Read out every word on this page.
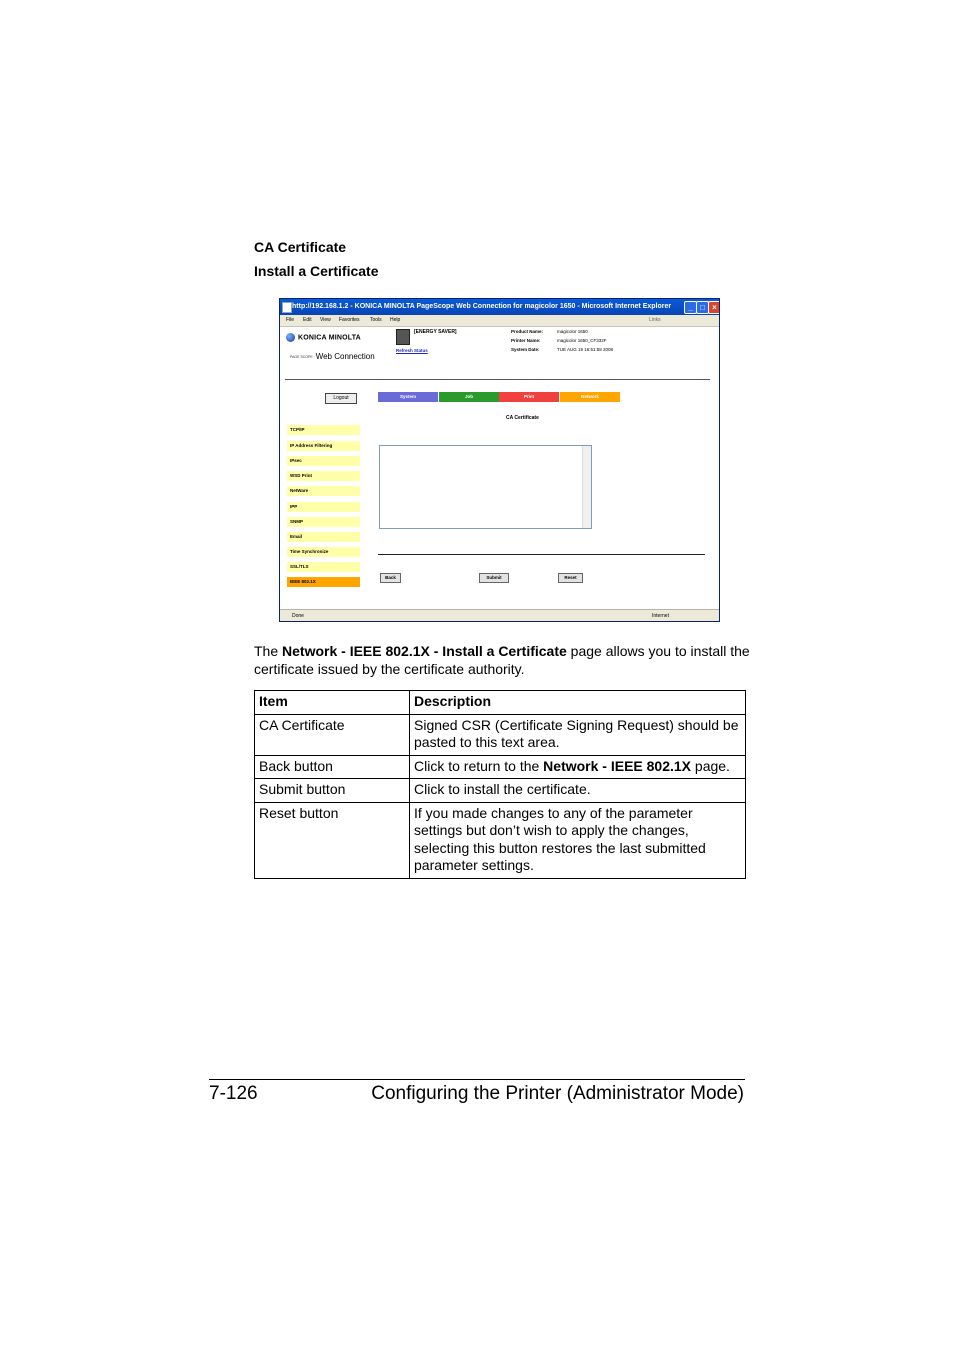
CA Certificate
Install a Certificate
http://192.168.1.2 - KONICA MINOLTA PageScope Web Connection for magicolor 1650 - Microsoft Internet Explorer	_ □ ×
File Edit View Favorites Tools Help	Links
KONICA MINOLTA
PAGE SCOPE Web Connection
[ENERGY SAVER]
Refresh Status
Product Name:	magicolor 1650
Printer Name:	magicolor 1650_CF332F
System Date:	TUE AUG 19 16:51:58 2008
Logout	System	Job	Print	Network
CA Certificate
TCP/IP
IP Address Filtering
IPsec
WSD Print
NetWare
IPP
SNMP
Email
Time Synchronize
SSL/TLS
IEEE 802.1X
Back	Submit	Reset
Done	Internet
The Network - IEEE 802.1X - Install a Certificate page allows you to install the certificate issued by the certificate authority.
Item	Description
CA Certificate	Signed CSR (Certificate Signing Request) should be pasted to this text area.
Back button	Click to return to the Network - IEEE 802.1X page.
Submit button	Click to install the certificate.
Reset button	If you made changes to any of the parameter settings but don’t wish to apply the changes, selecting this button restores the last submitted parameter settings.
7-126	Configuring the Printer (Administrator Mode)
